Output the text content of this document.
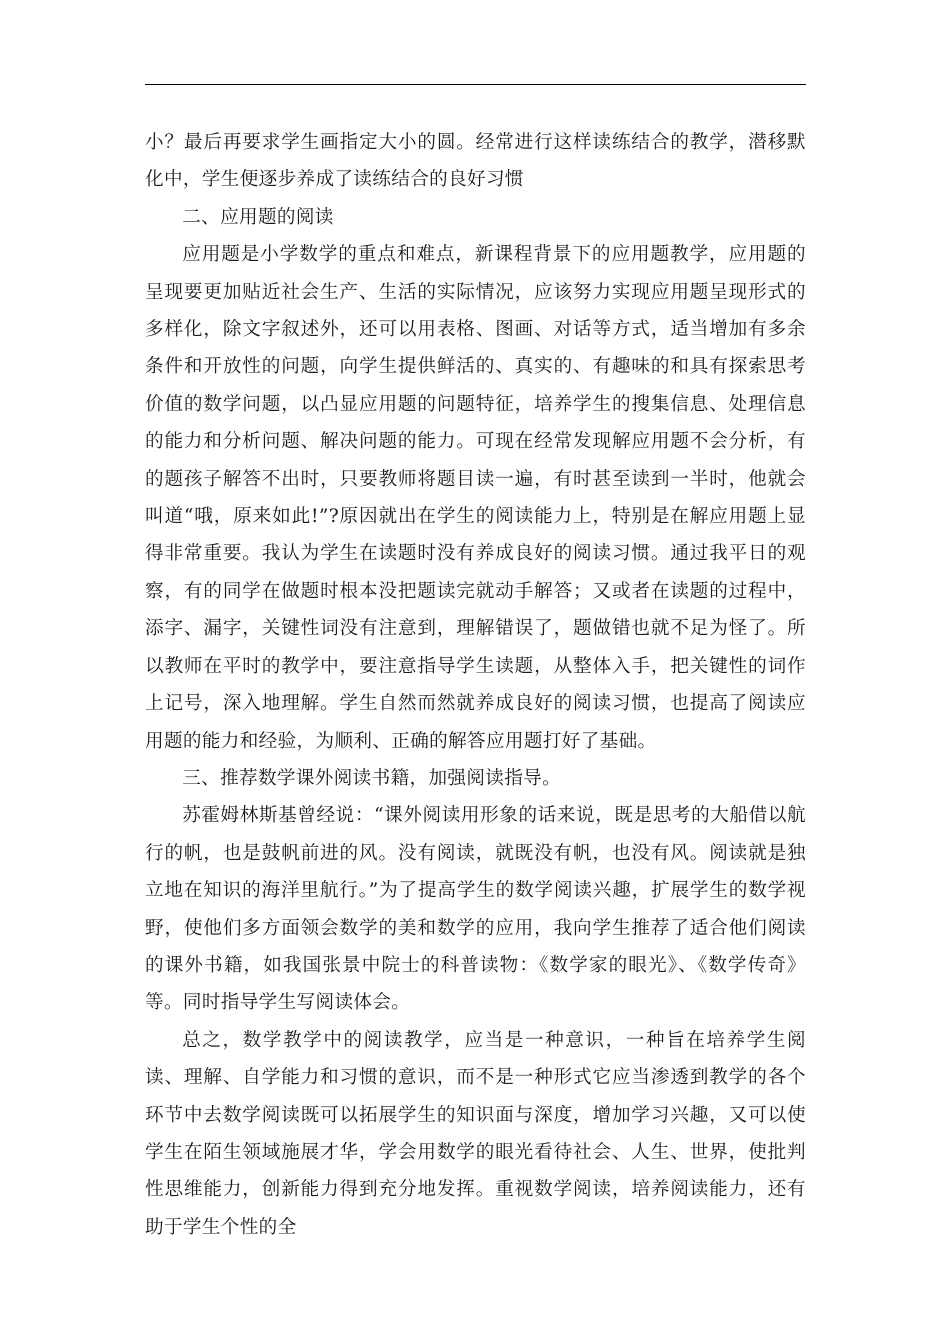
小？最后再要求学生画指定大小的圆。经常进行这样读练结合的教学，潜移默化中，学生便逐步养成了读练结合的良好习惯

二、应用题的阅读

应用题是小学数学的重点和难点，新课程背景下的应用题教学，应用题的呈现要更加贴近社会生产、生活的实际情况，应该努力实现应用题呈现形式的多样化，除文字叙述外，还可以用表格、图画、对话等方式，适当增加有多余条件和开放性的问题，向学生提供鲜活的、真实的、有趣味的和具有探索思考价值的数学问题，以凸显应用题的问题特征，培养学生的搜集信息、处理信息的能力和分析问题、解决问题的能力。可现在经常发现解应用题不会分析，有的题孩子解答不出时，只要教师将题目读一遍，有时甚至读到一半时，他就会叫道“哦，原来如此!”?原因就出在学生的阅读能力上，特别是在解应用题上显得非常重要。我认为学生在读题时没有养成良好的阅读习惯。通过我平日的观察，有的同学在做题时根本没把题读完就动手解答；又或者在读题的过程中，添字、漏字，关键性词没有注意到，理解错误了，题做错也就不足为怪了。所以教师在平时的教学中，要注意指导学生读题，从整体入手，把关键性的词作上记号，深入地理解。学生自然而然就养成良好的阅读习惯，也提高了阅读应用题的能力和经验，为顺利、正确的解答应用题打好了基础。

三、推荐数学课外阅读书籍，加强阅读指导。

苏霍姆林斯基曾经说：“课外阅读用形象的话来说，既是思考的大船借以航行的帆，也是鼓帆前进的风。没有阅读，就既没有帆，也没有风。阅读就是独立地在知识的海洋里航行。”为了提高学生的数学阅读兴趣，扩展学生的数学视野，使他们多方面领会数学的美和数学的应用，我向学生推荐了适合他们阅读的课外书籍，如我国张景中院士的科普读物：《数学家的眼光》、《数学传奇》等。同时指导学生写阅读体会。

总之，数学教学中的阅读教学，应当是一种意识，一种旨在培养学生阅读、理解、自学能力和习惯的意识，而不是一种形式它应当渗透到教学的各个环节中去数学阅读既可以拓展学生的知识面与深度，增加学习兴趣，又可以使学生在陌生领域施展才华，学会用数学的眼光看待社会、人生、世界，使批判性思维能力，创新能力得到充分地发挥。重视数学阅读，培养阅读能力，还有助于学生个性的全
